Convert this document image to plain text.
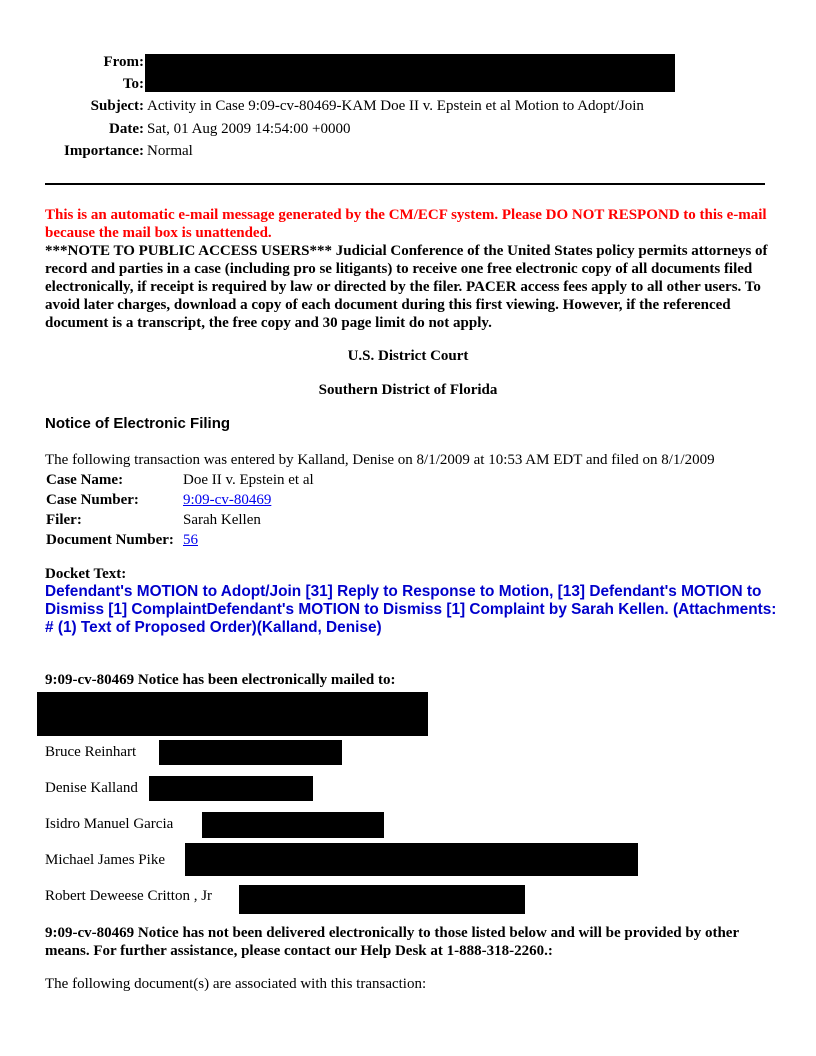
From:
To:
Subject: Activity in Case 9:09-cv-80469-KAM Doe II v. Epstein et al Motion to Adopt/Join
Date: Sat, 01 Aug 2009 14:54:00 +0000
Importance: Normal
This is an automatic e-mail message generated by the CM/ECF system. Please DO NOT RESPOND to this e-mail because the mail box is unattended.
***NOTE TO PUBLIC ACCESS USERS*** Judicial Conference of the United States policy permits attorneys of record and parties in a case (including pro se litigants) to receive one free electronic copy of all documents filed electronically, if receipt is required by law or directed by the filer. PACER access fees apply to all other users. To avoid later charges, download a copy of each document during this first viewing. However, if the referenced document is a transcript, the free copy and 30 page limit do not apply.
U.S. District Court
Southern District of Florida
Notice of Electronic Filing
The following transaction was entered by Kalland, Denise on 8/1/2009 at 10:53 AM EDT and filed on 8/1/2009
Case Name:	Doe II v. Epstein et al
Case Number:	9:09-cv-80469
Filer:	Sarah Kellen
Document Number:	56
Docket Text:
Defendant's MOTION to Adopt/Join [31] Reply to Response to Motion, [13] Defendant's MOTION to Dismiss [1] ComplaintDefendant's MOTION to Dismiss [1] Complaint by Sarah Kellen. (Attachments: # (1) Text of Proposed Order)(Kalland, Denise)
9:09-cv-80469 Notice has been electronically mailed to:
Bruce Reinhart
Denise Kalland
Isidro Manuel Garcia
Michael James Pike
Robert Deweese Critton , Jr
9:09-cv-80469 Notice has not been delivered electronically to those listed below and will be provided by other means. For further assistance, please contact our Help Desk at 1-888-318-2260.:
The following document(s) are associated with this transaction:
